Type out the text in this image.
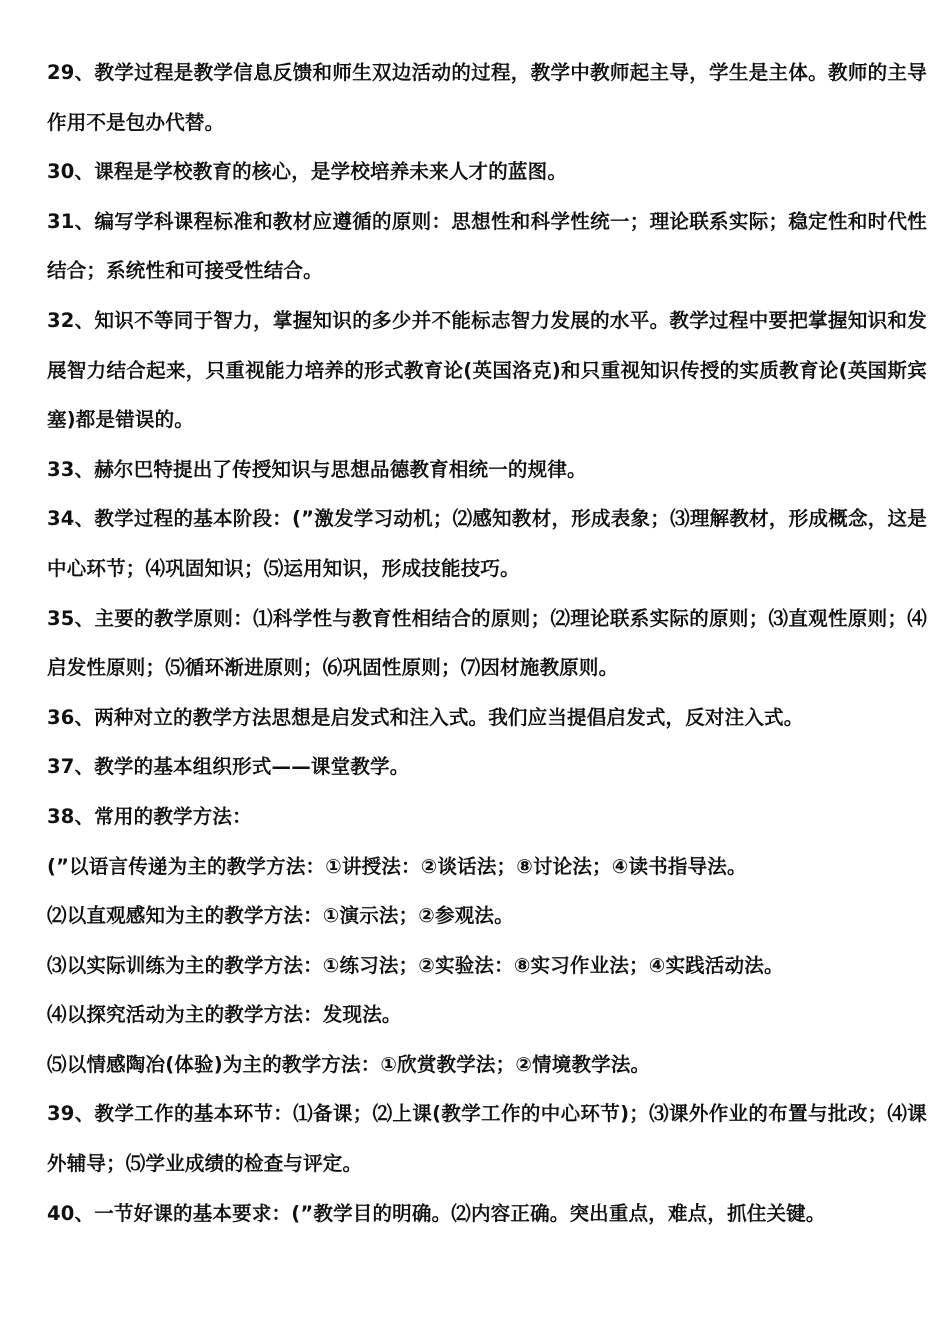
29、教学过程是教学信息反馈和师生双边活动的过程，教学中教师起主导，学生是主体。教师的主导作用不是包办代替。

30、课程是学校教育的核心，是学校培养未来人才的蓝图。

31、编写学科课程标准和教材应遵循的原则：思想性和科学性统一；理论联系实际；稳定性和时代性结合；系统性和可接受性结合。

32、知识不等同于智力，掌握知识的多少并不能标志智力发展的水平。教学过程中要把掌握知识和发展智力结合起来，只重视能力培养的形式教育论(英国洛克)和只重视知识传授的实质教育论(英国斯宾塞)都是错误的。

33、赫尔巴特提出了传授知识与思想品德教育相统一的规律。

34、教学过程的基本阶段：(”激发学习动机；⑵感知教材，形成表象；⑶理解教材，形成概念，这是中心环节；⑷巩固知识；⑸运用知识，形成技能技巧。

35、主要的教学原则：⑴科学性与教育性相结合的原则；⑵理论联系实际的原则；⑶直观性原则；⑷启发性原则；⑸循环渐进原则；⑹巩固性原则；⑺因材施教原则。

36、两种对立的教学方法思想是启发式和注入式。我们应当提倡启发式，反对注入式。

37、教学的基本组织形式——课堂教学。

38、常用的教学方法：

(”以语言传递为主的教学方法：①讲授法：②谈话法；⑧讨论法；④读书指导法。

⑵以直观感知为主的教学方法：①演示法；②参观法。

⑶以实际训练为主的教学方法：①练习法；②实验法：⑧实习作业法；④实践活动法。

⑷以探究活动为主的教学方法：发现法。

⑸以情感陶冶(体验)为主的教学方法：①欣赏教学法；②情境教学法。

39、教学工作的基本环节：⑴备课；⑵上课(教学工作的中心环节)；⑶课外作业的布置与批改；⑷课外辅导；⑸学业成绩的检查与评定。

40、一节好课的基本要求：(”教学目的明确。⑵内容正确。突出重点，难点，抓住关键。
